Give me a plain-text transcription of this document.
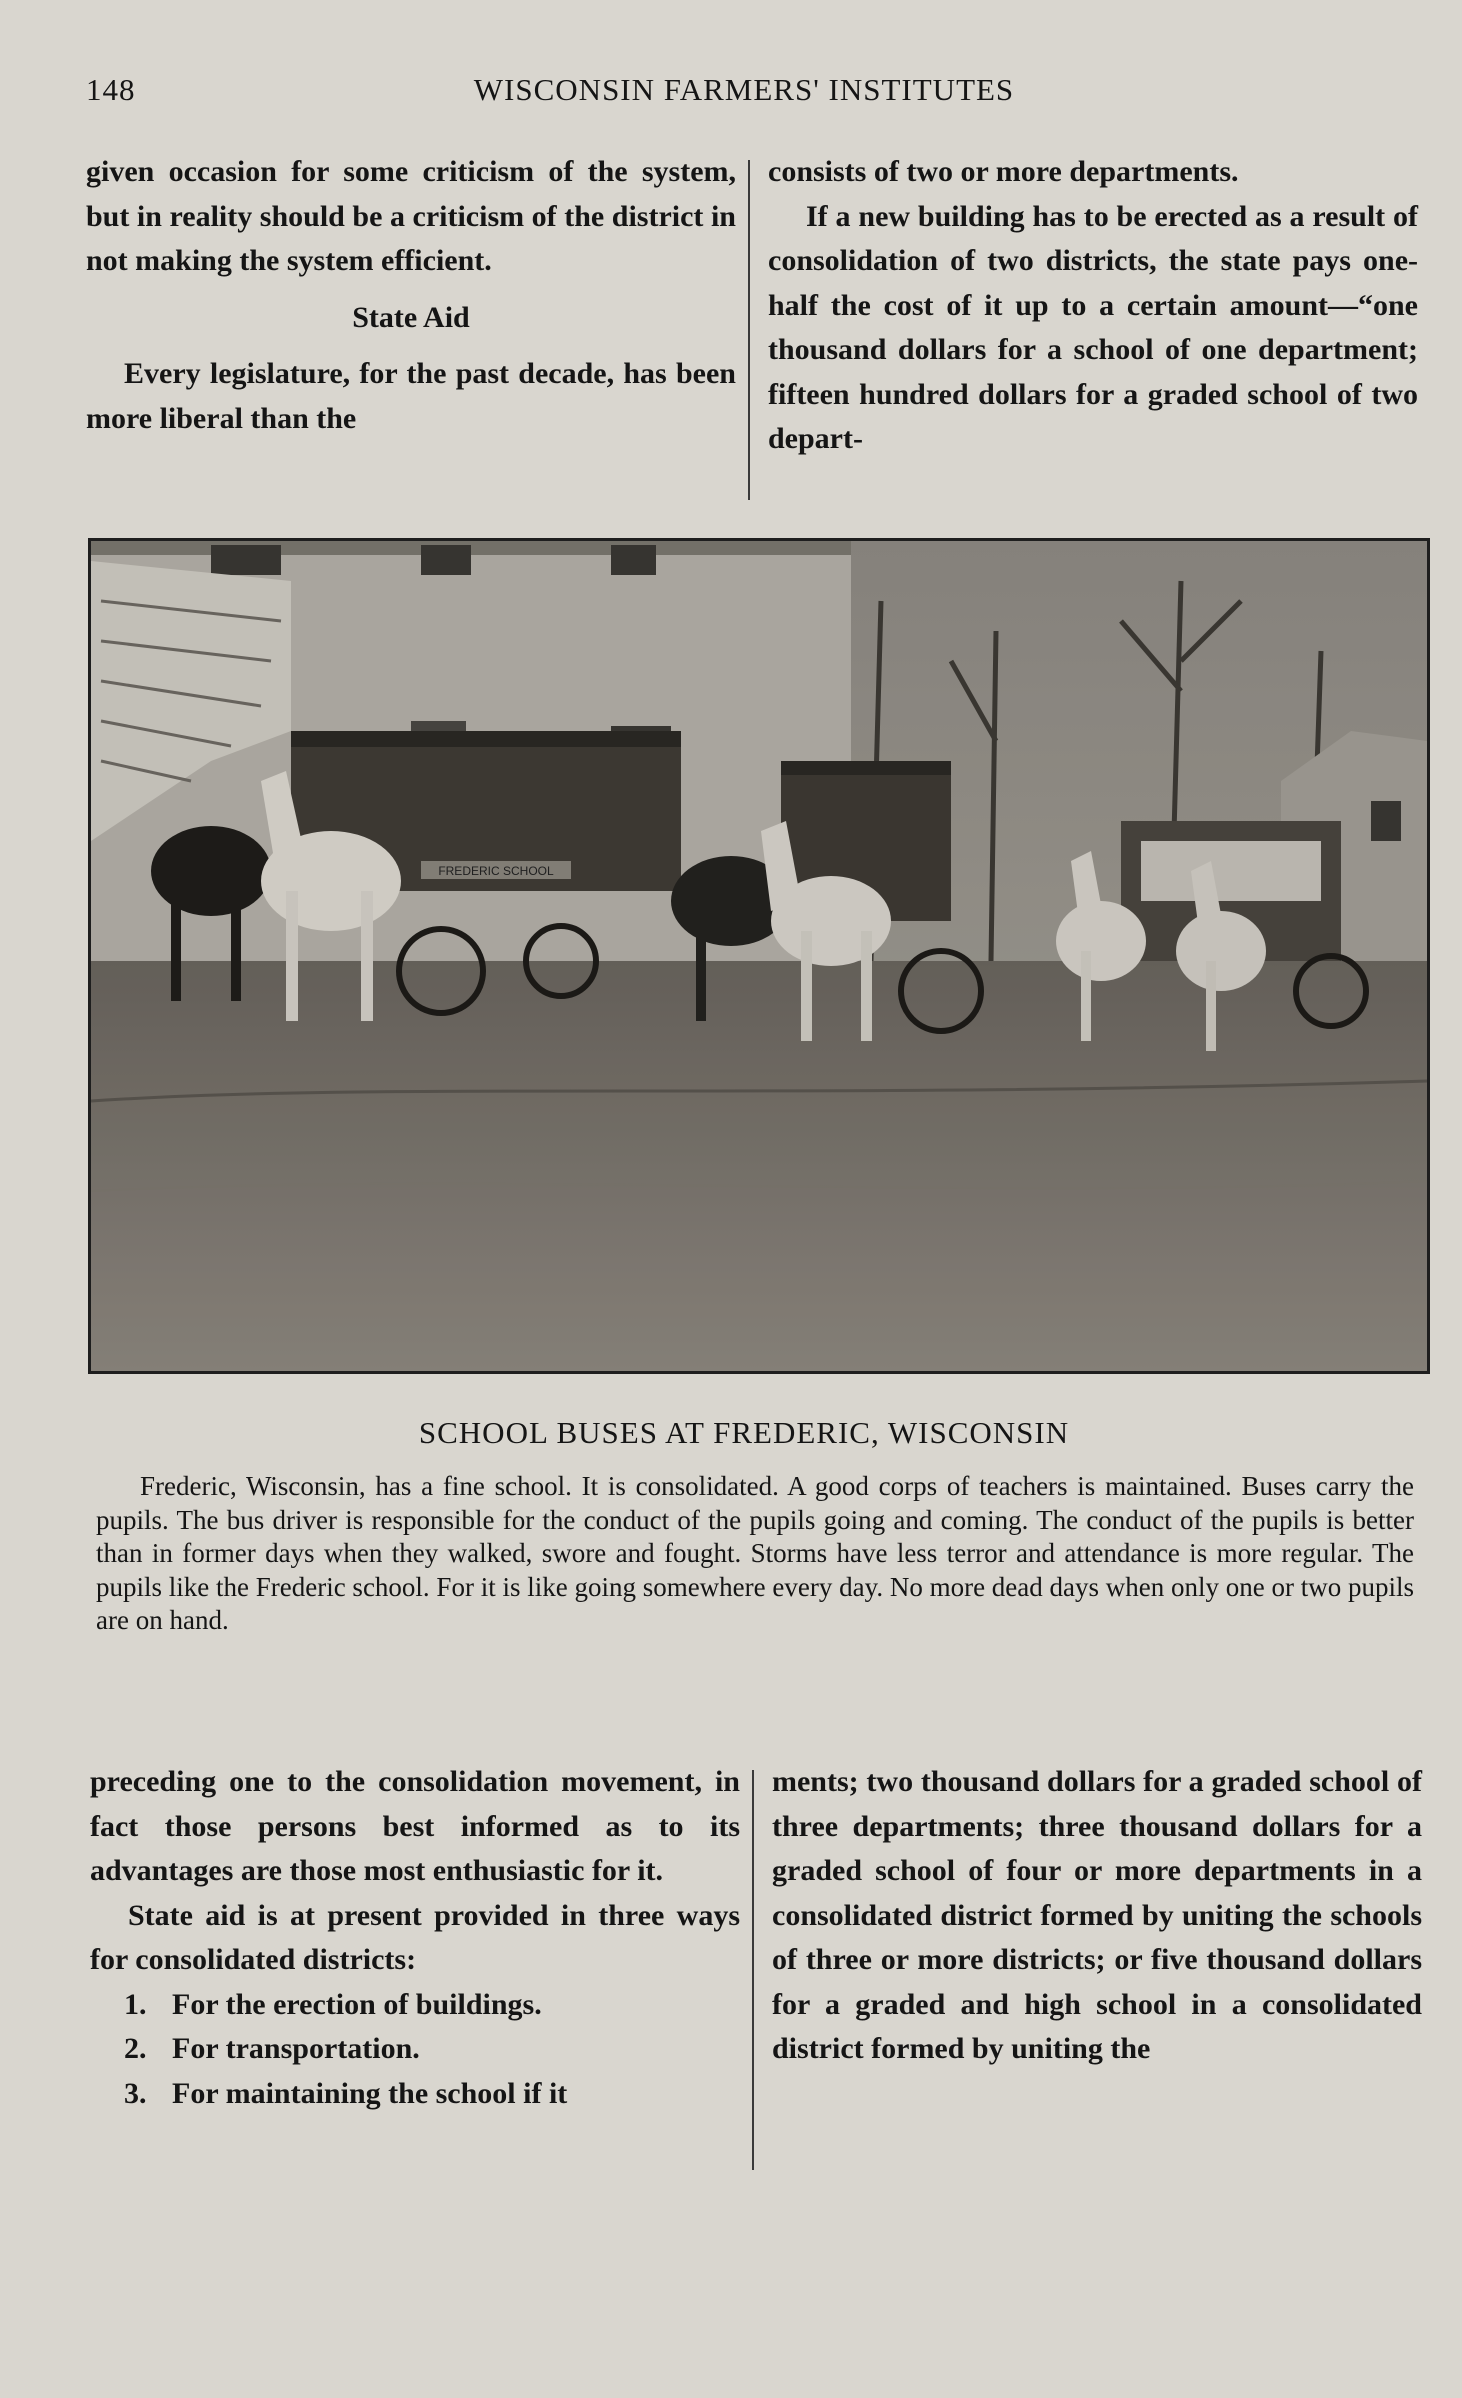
148	WISCONSIN FARMERS' INSTITUTES

given occasion for some criticism of the system, but in reality should be a criticism of the district in not making the system efficient.

State Aid

Every legislature, for the past decade, has been more liberal than the

consists of two or more departments.

If a new building has to be erected as a result of consolidation of two districts, the state pays one-half the cost of it up to a certain amount—“one thousand dollars for a school of one department; fifteen hundred dollars for a graded school of two depart-

FREDERIC SCHOOL
SCHOOL BUSES AT FREDERIC, WISCONSIN
Frederic, Wisconsin, has a fine school. It is consolidated. A good corps of teachers is maintained. Buses carry the pupils. The bus driver is responsible for the conduct of the pupils going and coming. The conduct of the pupils is better than in former days when they walked, swore and fought. Storms have less terror and attendance is more regular. The pupils like the Frederic school. For it is like going somewhere every day. No more dead days when only one or two pupils are on hand.

preceding one to the consolidation movement, in fact those persons best informed as to its advantages are those most enthusiastic for it.

State aid is at present provided in three ways for consolidated districts:

1. For the erection of buildings.

2. For transportation.

3. For maintaining the school if it

ments; two thousand dollars for a graded school of three departments; three thousand dollars for a graded school of four or more departments in a consolidated district formed by uniting the schools of three or more districts; or five thousand dollars for a graded and high school in a consolidated district formed by uniting the
